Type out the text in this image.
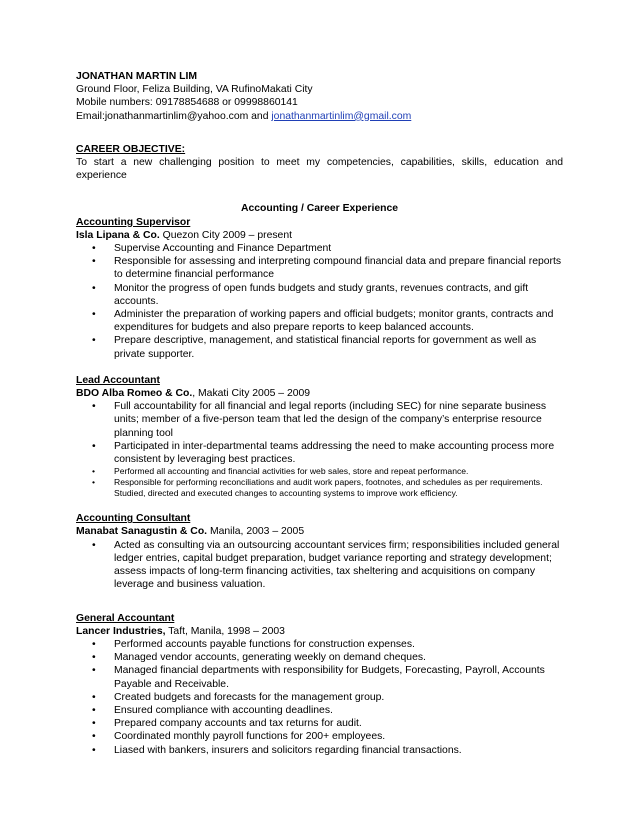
JONATHAN MARTIN LIM
Ground Floor, Feliza Building, VA RufinoMakati City
Mobile numbers: 09178854688 or 09998860141
Email:jonathanmartinlim@yahoo.com and jonathanmartinlim@gmail.com
CAREER OBJECTIVE:
To start a new challenging position to meet my competencies, capabilities, skills, education and experience
Accounting / Career Experience
Accounting Supervisor
Isla Lipana & Co. Quezon City 2009 – present
• Supervise Accounting and Finance Department
• Responsible for assessing and interpreting compound financial data and prepare financial reports to determine financial performance
• Monitor the progress of open funds budgets and study grants, revenues contracts, and gift accounts.
• Administer the preparation of working papers and official budgets; monitor grants, contracts and expenditures for budgets and also prepare reports to keep balanced accounts.
• Prepare descriptive, management, and statistical financial reports for government as well as private supporter.
Lead Accountant
BDO Alba Romeo & Co., Makati City 2005 – 2009
• Full accountability for all financial and legal reports (including SEC) for nine separate business units; member of a five-person team that led the design of the company’s enterprise resource planning tool
• Participated in inter-departmental teams addressing the need to make accounting process more consistent by leveraging best practices.
• Performed all accounting and financial activities for web sales, store and repeat performance.
• Responsible for performing reconciliations and audit work papers, footnotes, and schedules as per requirements. Studied, directed and executed changes to accounting systems to improve work efficiency.
Accounting Consultant
Manabat Sanagustin & Co. Manila, 2003 – 2005
• Acted as consulting via an outsourcing accountant services firm; responsibilities included general ledger entries, capital budget preparation, budget variance reporting and strategy development; assess impacts of long-term financing activities, tax sheltering and acquisitions on company leverage and business valuation.
General Accountant
Lancer Industries, Taft, Manila, 1998 – 2003
• Performed accounts payable functions for construction expenses.
• Managed vendor accounts, generating weekly on demand cheques.
• Managed financial departments with responsibility for Budgets, Forecasting, Payroll, Accounts Payable and Receivable.
• Created budgets and forecasts for the management group.
• Ensured compliance with accounting deadlines.
• Prepared company accounts and tax returns for audit.
• Coordinated monthly payroll functions for 200+ employees.
• Liased with bankers, insurers and solicitors regarding financial transactions.
